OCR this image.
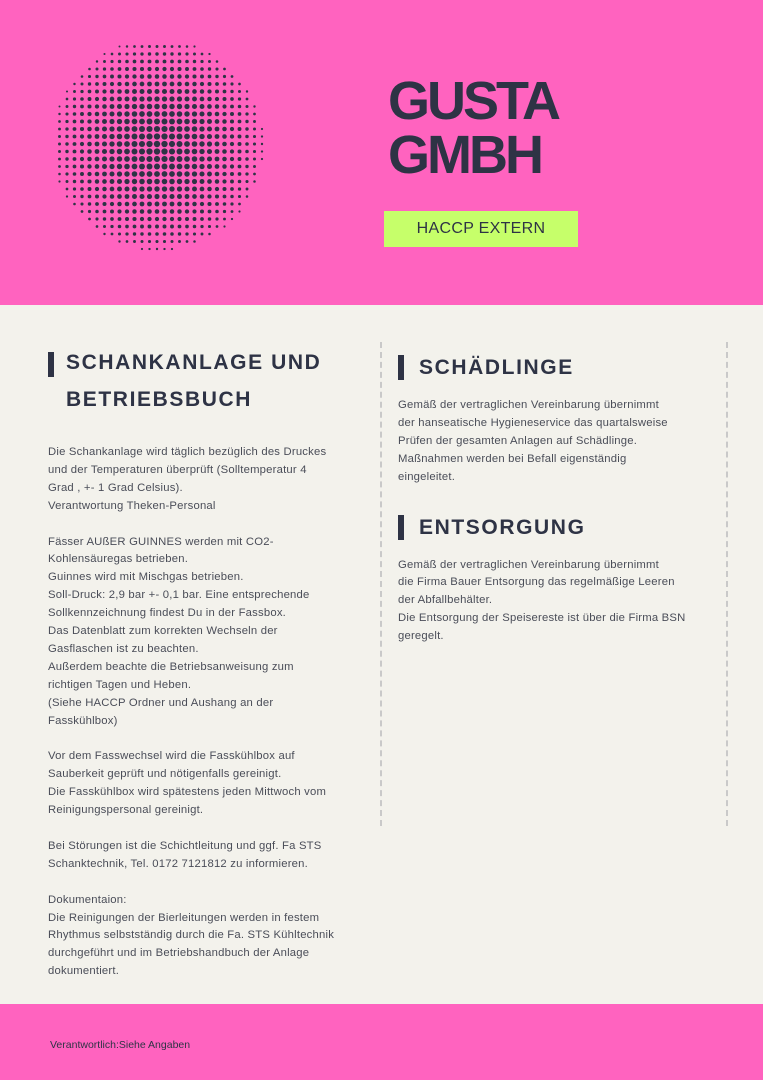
GUSTA
GMBH
HACCP EXTERN
SCHANKANLAGE UND
BETRIEBSBUCH

Die Schankanlage wird täglich bezüglich des Druckes
und der Temperaturen überprüft (Solltemperatur 4
Grad , +- 1 Grad Celsius).
Verantwortung Theken-Personal
Fässer AUßER GUINNES werden mit CO2-
Kohlensäuregas betrieben.
Guinnes wird mit Mischgas betrieben.
Soll-Druck: 2,9 bar +- 0,1 bar. Eine entsprechende
Sollkennzeichnung findest Du in der Fassbox.
Das Datenblatt zum korrekten Wechseln der
Gasflaschen ist zu beachten.
Außerdem beachte die Betriebsanweisung zum
richtigen Tagen und Heben.
(Siehe HACCP Ordner und Aushang an der
Fasskühlbox)
Vor dem Fasswechsel wird die Fasskühlbox auf
Sauberkeit geprüft und nötigenfalls gereinigt.
Die Fasskühlbox wird spätestens jeden Mittwoch vom
Reinigungspersonal gereinigt.
Bei Störungen ist die Schichtleitung und ggf. Fa STS
Schanktechnik, Tel. 0172 7121812 zu informieren.
Dokumentaion:
Die Reinigungen der Bierleitungen werden in festem
Rhythmus selbstständig durch die Fa. STS Kühltechnik
durchgeführt und im Betriebshandbuch der Anlage
dokumentiert.

SCHÄDLINGE

Gemäß der vertraglichen Vereinbarung übernimmt
der hanseatische Hygieneservice das quartalsweise
Prüfen der gesamten Anlagen auf Schädlinge.
Maßnahmen werden bei Befall eigenständig
eingeleitet.

ENTSORGUNG

Gemäß der vertraglichen Vereinbarung übernimmt
die Firma Bauer Entsorgung das regelmäßige Leeren
der Abfallbehälter.
Die Entsorgung der Speisereste ist über die Firma BSN
geregelt.

Verantwortlich:Siehe Angaben
